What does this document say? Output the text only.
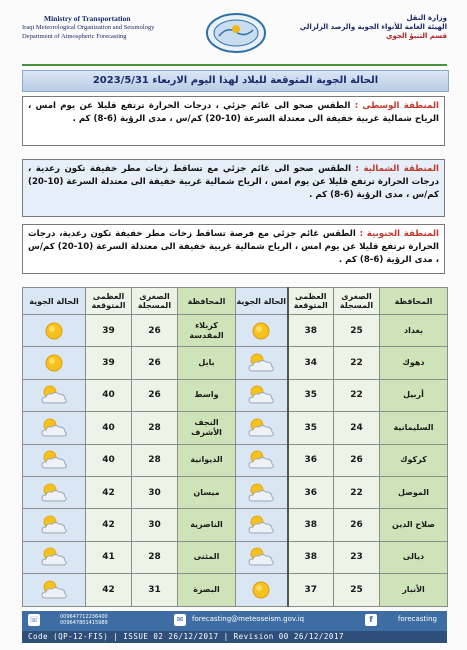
Ministry of Transportation
Iraqi Meteorological Organization and Seismology
Department of Atmospheric Forecasting
وزارة النقل
الهيئة العامة للأنواء الجوية والرصد الزلزالي
قسم التنبؤ الجوي
الحالة الجوية المتوقعة للبلاد لهذا اليوم الاربعاء 2023/5/31
المنطقة الوسطى : الطقس صحو الى غائم جزئي ، درجات الحرارة ترتفع قليلا عن يوم امس ، الرياح شمالية غربية خفيفة الى معتدلة السرعة (10-20) كم/س ، مدى الرؤية (6-8) كم .
المنطقة الشمالية : الطقس صحو الى غائم جزئي مع تساقط زخات مطر خفيفة تكون رعدية ، درجات الحرارة ترتفع قليلا عن يوم امس ، الرياح شمالية غربية خفيفة الى معتدلة السرعة (10-20) كم/س ، مدى الرؤية (6-8) كم .
المنطقة الجنوبية : الطقس غائم جزئي مع فرصة تساقط زخات مطر خفيفة تكون رعدية، درجات الحرارة ترتفع قليلا عن يوم امس ، الرياح شمالية غربية خفيفة الى معتدلة السرعة (10-20) كم/س ، مدى الرؤية (6-8) كم .
المحافظة	الصغرى المسجلة	العظمى المتوقعة	الحالة الجوية	المحافظة	الصغرى المسجلة	العظمى المتوقعة	الحالة الجوية
بغداد	25	38		كربلاء المقدسة	26	39	

دهوك	22	34		بابل	26	39	

أربيل	22	35		واسط	26	40	

السليمانية	24	35		النجف الأشرف	28	40	

كركوك	26	36		الديوانية	28	40	

الموصل	22	36		ميسان	30	42	

صلاح الدين	26	38		الناصرية	30	42	

ديالى	23	38		المثنى	28	41	

الأنبار	25	37		البصرة	31	42	
☏	009647712236400
009647801415989	✉	forecasting@meteoseism.gov.iq	f	forecasting
Code (QP-12-FIS) | ISSUE 02 26/12/2017 | Revision 00 26/12/2017
